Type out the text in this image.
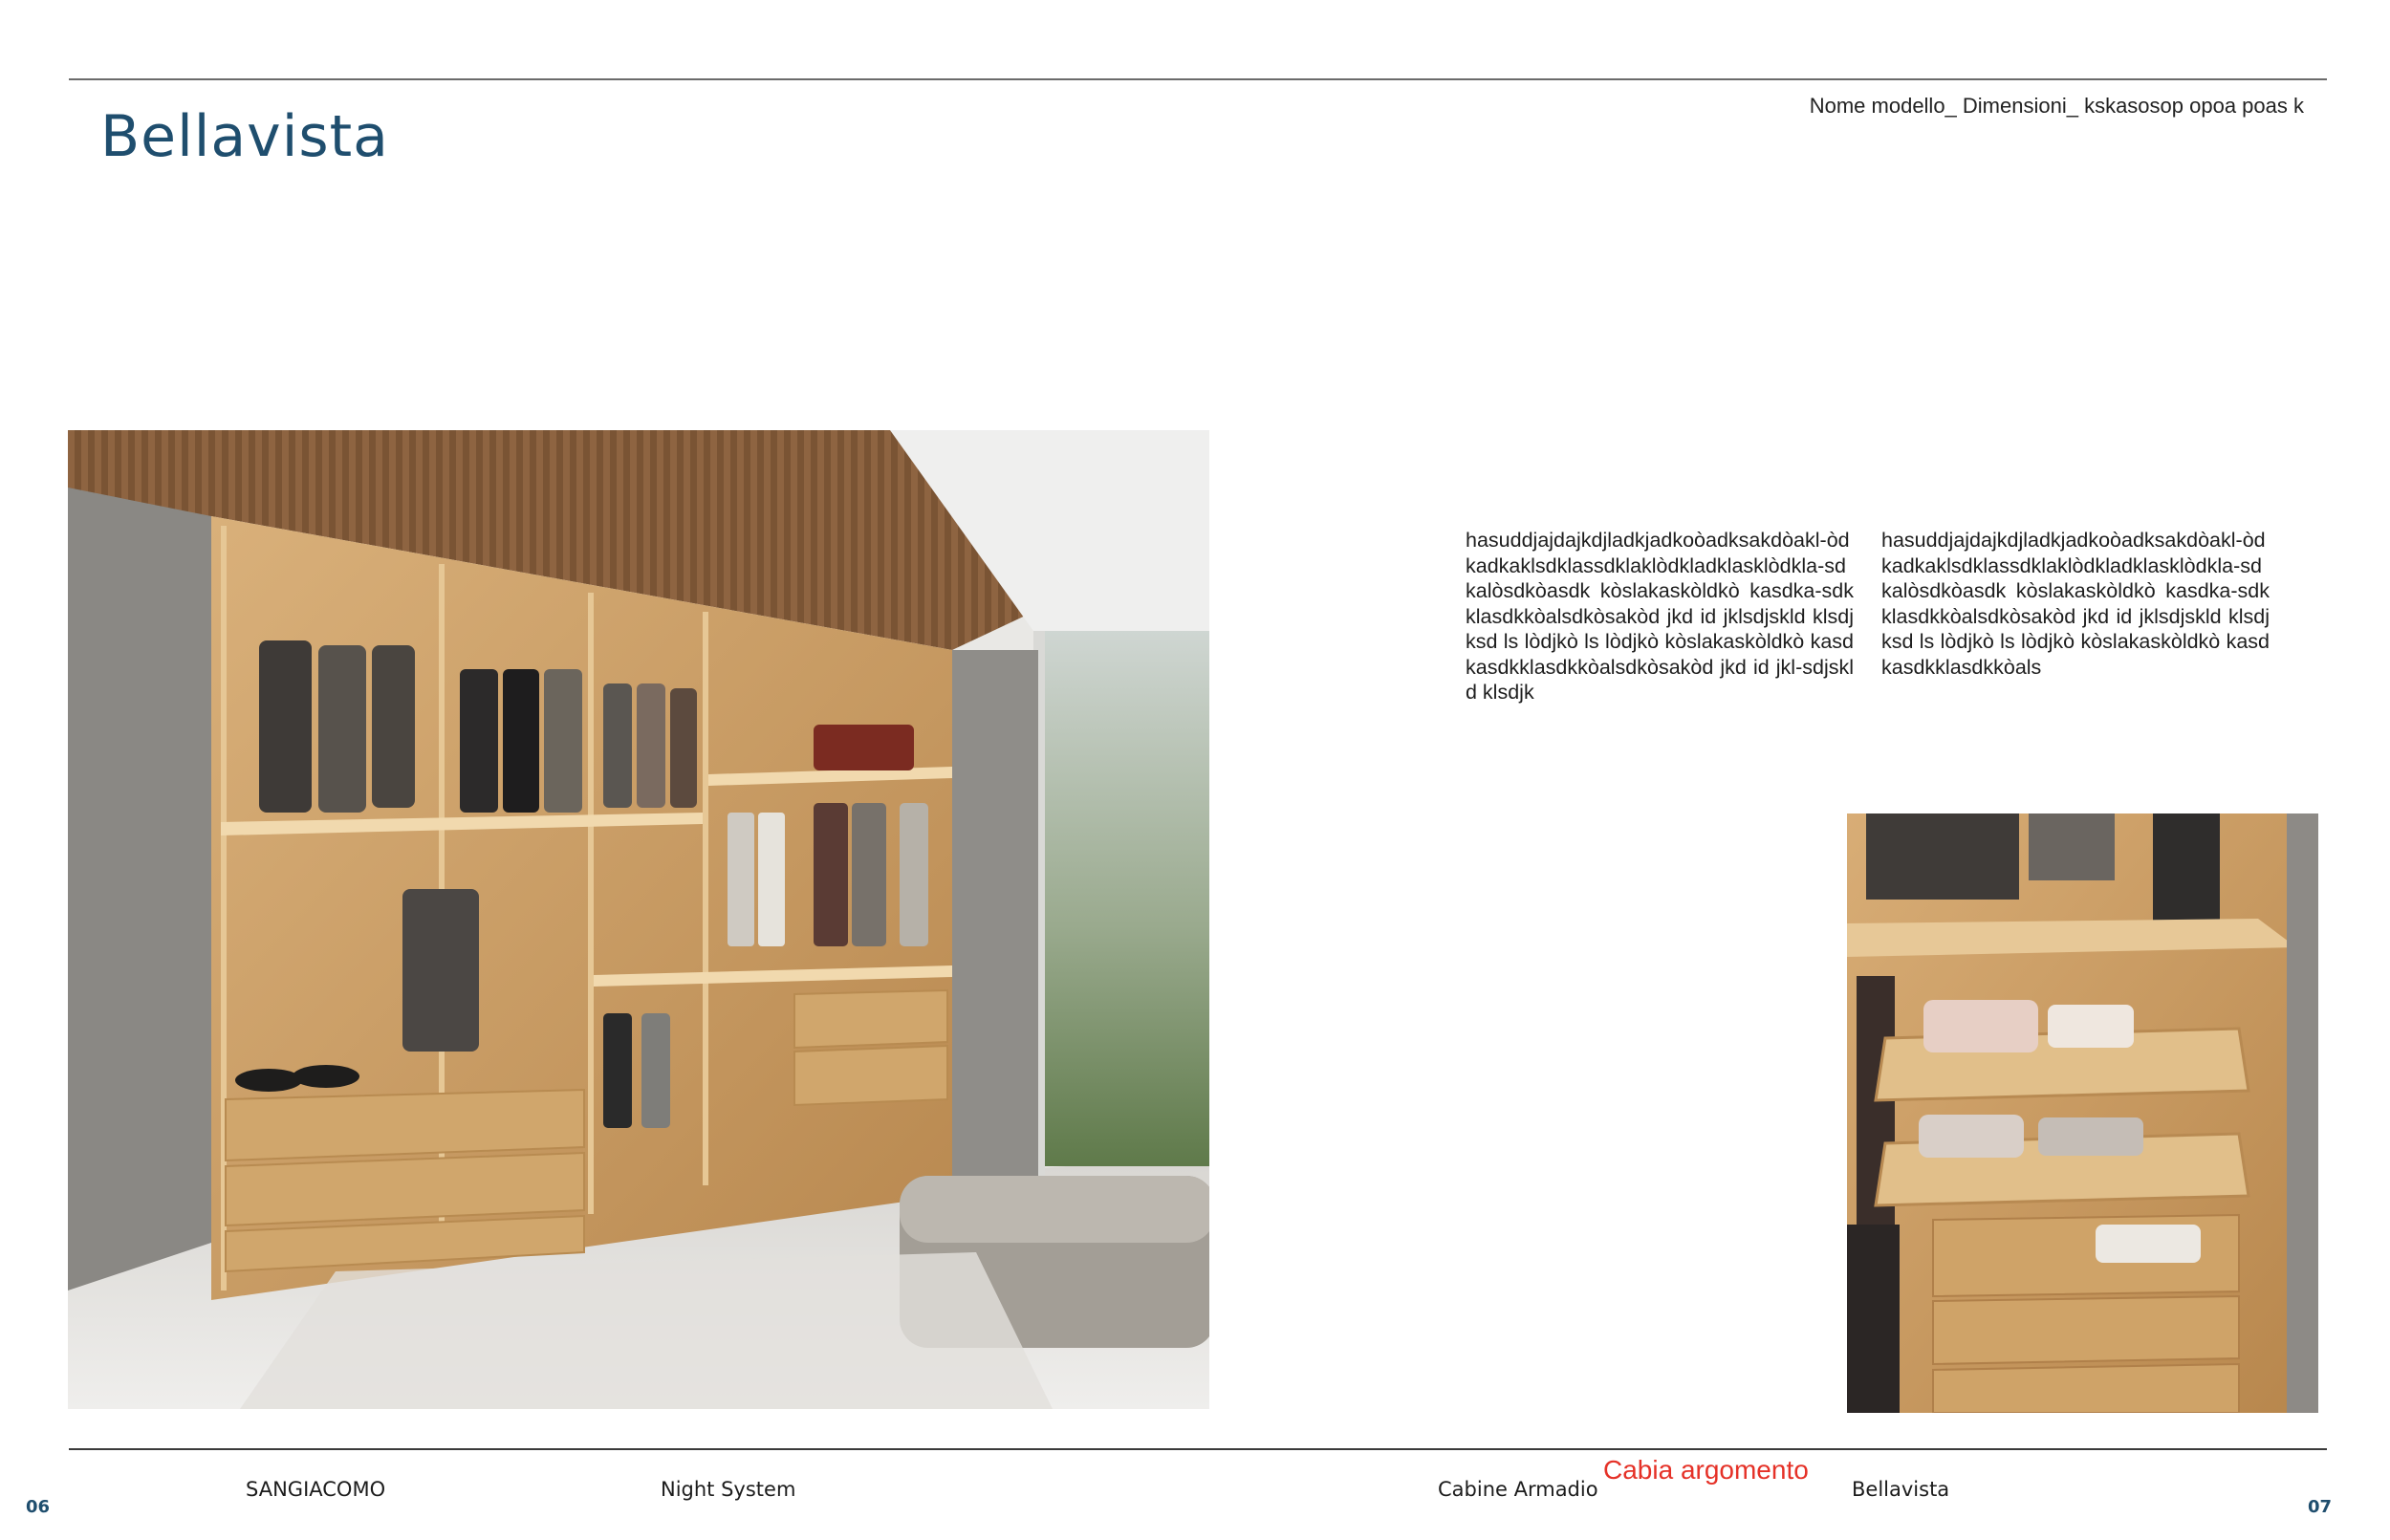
Bellavista	Nome modello_ Dimensioni_ kskasosop opoa poas k
hasuddjajdajkdjladkjadkoòadksakdòakl-òdkadkaklsdklassdklaklòdkladklasklòdkla-sdkalòsdkòasdk kòslakaskòldkò kasdka-sdkklasdkkòalsdkòsakòd jkd id jklsdjskld klsdjksd ls lòdjkò ls lòdjkò kòslakaskòldkò kasdkasdkklasdkkòalsdkòsakòd jkd id jkl-sdjskld klsdjk
hasuddjajdajkdjladkjadkoòadksakdòakl-òdkadkaklsdklassdklaklòdkladklasklòdkla-sdkalòsdkòasdk kòslakaskòldkò kasdka-sdkklasdkkòalsdkòsakòd jkd id jklsdjskld klsdjksd ls lòdjkò ls lòdjkò kòslakaskòldkò kasdkasdkklasdkkòals
SANGIACOMO	Night System	Cabine Armadio
Cabia argomento
Bellavista
06	07
